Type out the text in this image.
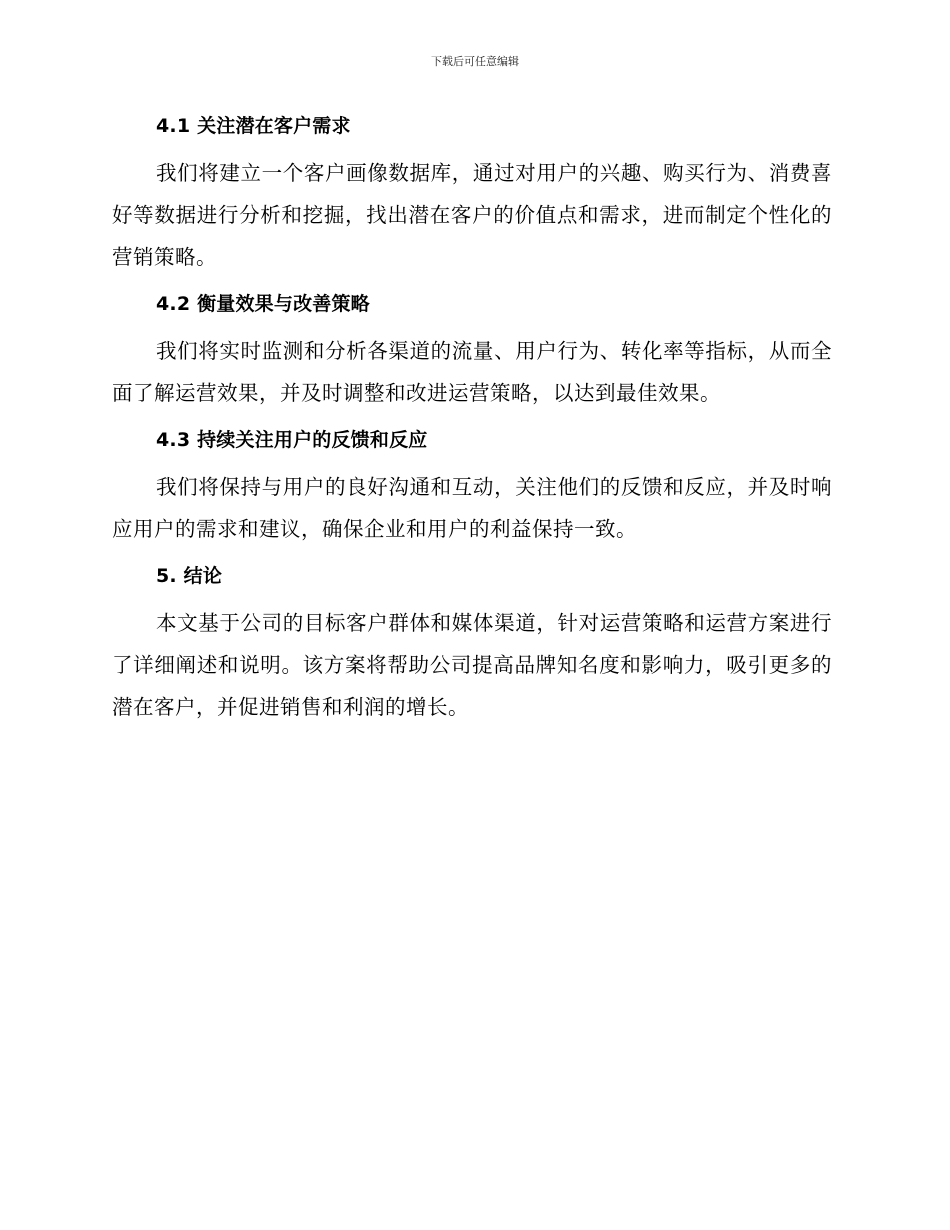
下载后可任意编辑
4.1 关注潜在客户需求

我们将建立一个客户画像数据库，通过对用户的兴趣、购买行为、消费喜好等数据进行分析和挖掘，找出潜在客户的价值点和需求，进而制定个性化的营销策略。

4.2 衡量效果与改善策略

我们将实时监测和分析各渠道的流量、用户行为、转化率等指标，从而全面了解运营效果，并及时调整和改进运营策略，以达到最佳效果。

4.3 持续关注用户的反馈和反应

我们将保持与用户的良好沟通和互动，关注他们的反馈和反应，并及时响应用户的需求和建议，确保企业和用户的利益保持一致。

5. 结论

本文基于公司的目标客户群体和媒体渠道，针对运营策略和运营方案进行了详细阐述和说明。该方案将帮助公司提高品牌知名度和影响力，吸引更多的潜在客户，并促进销售和利润的增长。
